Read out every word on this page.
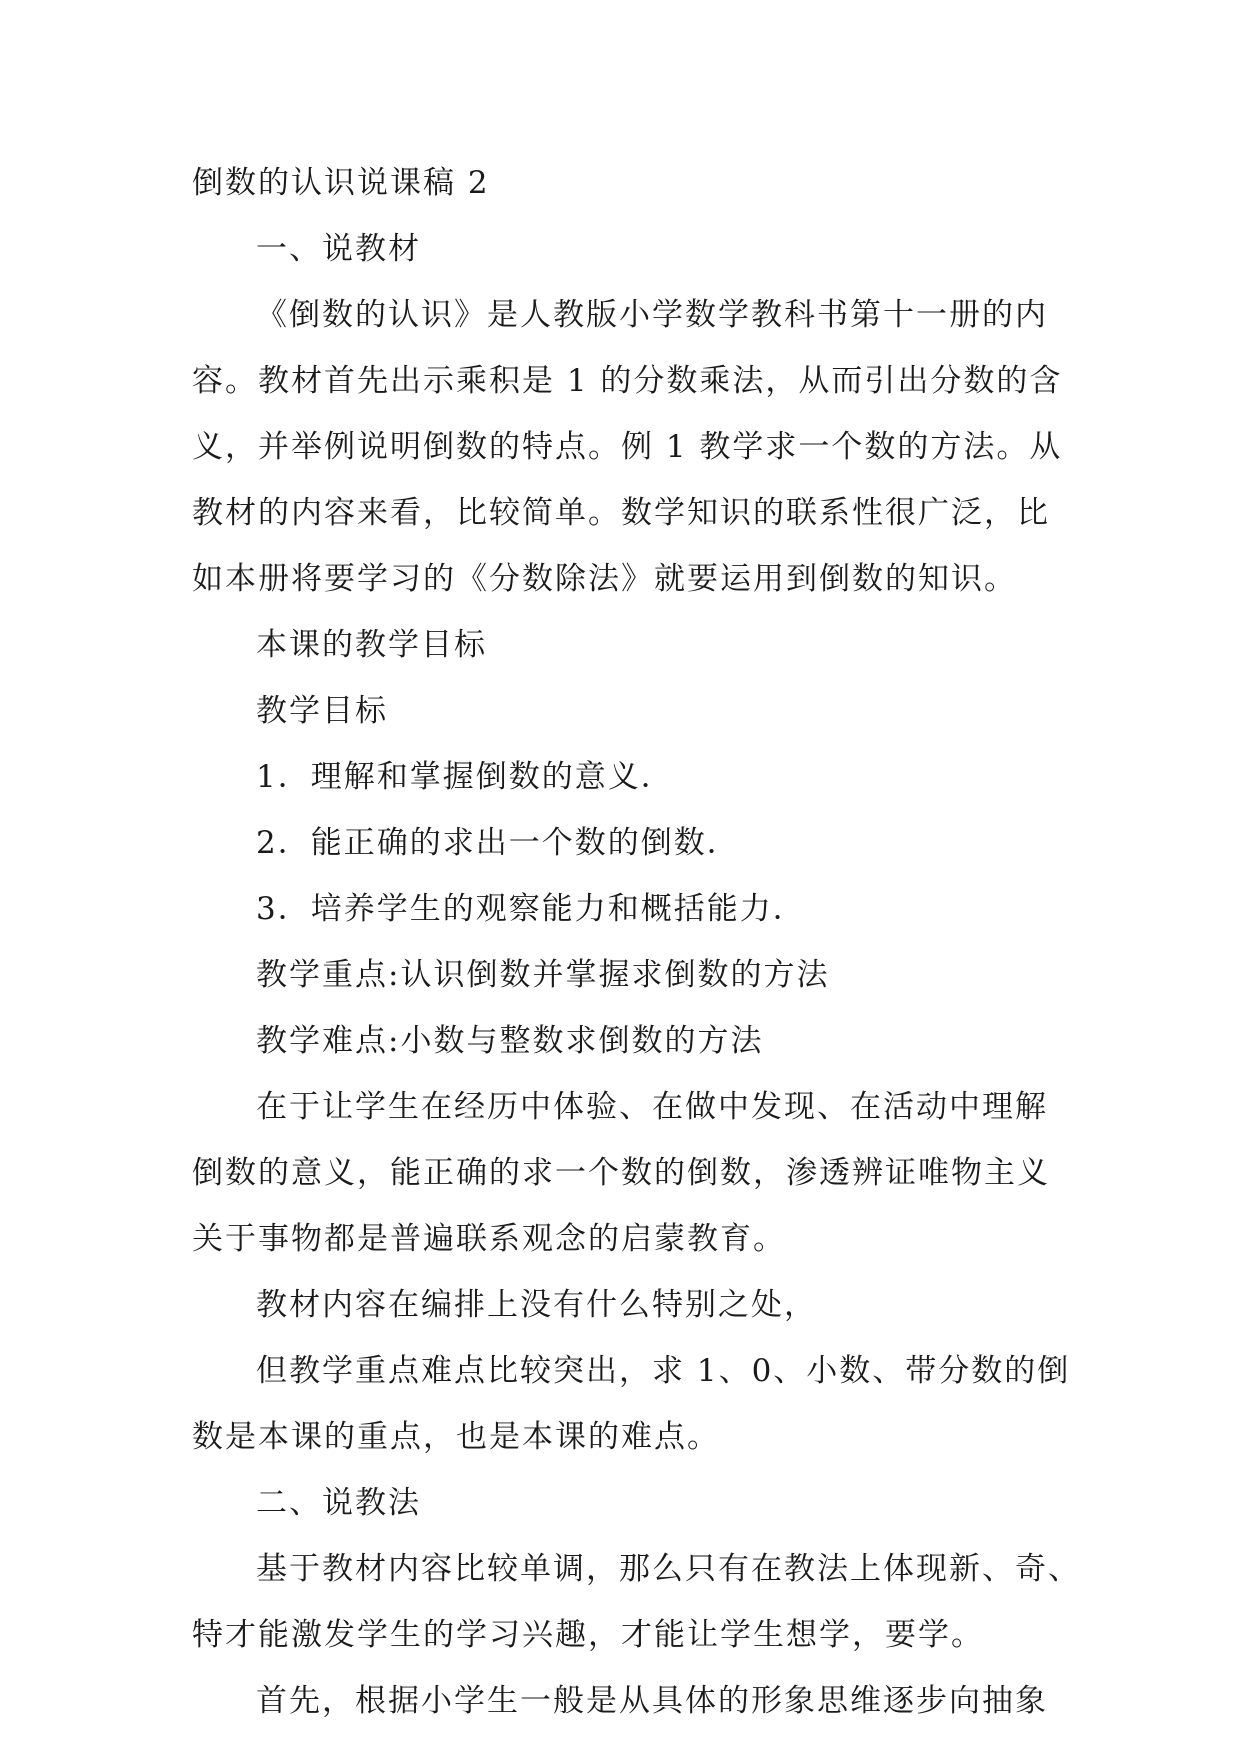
倒数的认识说课稿 2

一、说教材

《倒数的认识》是人教版小学数学教科书第十一册的内

容。教材首先出示乘积是 1 的分数乘法，从而引出分数的含

义，并举例说明倒数的特点。例 1 教学求一个数的方法。从

教材的内容来看，比较简单。数学知识的联系性很广泛，比

如本册将要学习的《分数除法》就要运用到倒数的知识。

本课的教学目标

教学目标

1．理解和掌握倒数的意义．

2．能正确的求出一个数的倒数．

3．培养学生的观察能力和概括能力．

教学重点:认识倒数并掌握求倒数的方法

教学难点:小数与整数求倒数的方法

在于让学生在经历中体验、在做中发现、在活动中理解

倒数的意义，能正确的求一个数的倒数，渗透辨证唯物主义

关于事物都是普遍联系观念的启蒙教育。

教材内容在编排上没有什么特别之处，

但教学重点难点比较突出，求 1、0、小数、带分数的倒

数是本课的重点，也是本课的难点。

二、说教法

基于教材内容比较单调，那么只有在教法上体现新、奇、

特才能激发学生的学习兴趣，才能让学生想学，要学。

首先，根据小学生一般是从具体的形象思维逐步向抽象
